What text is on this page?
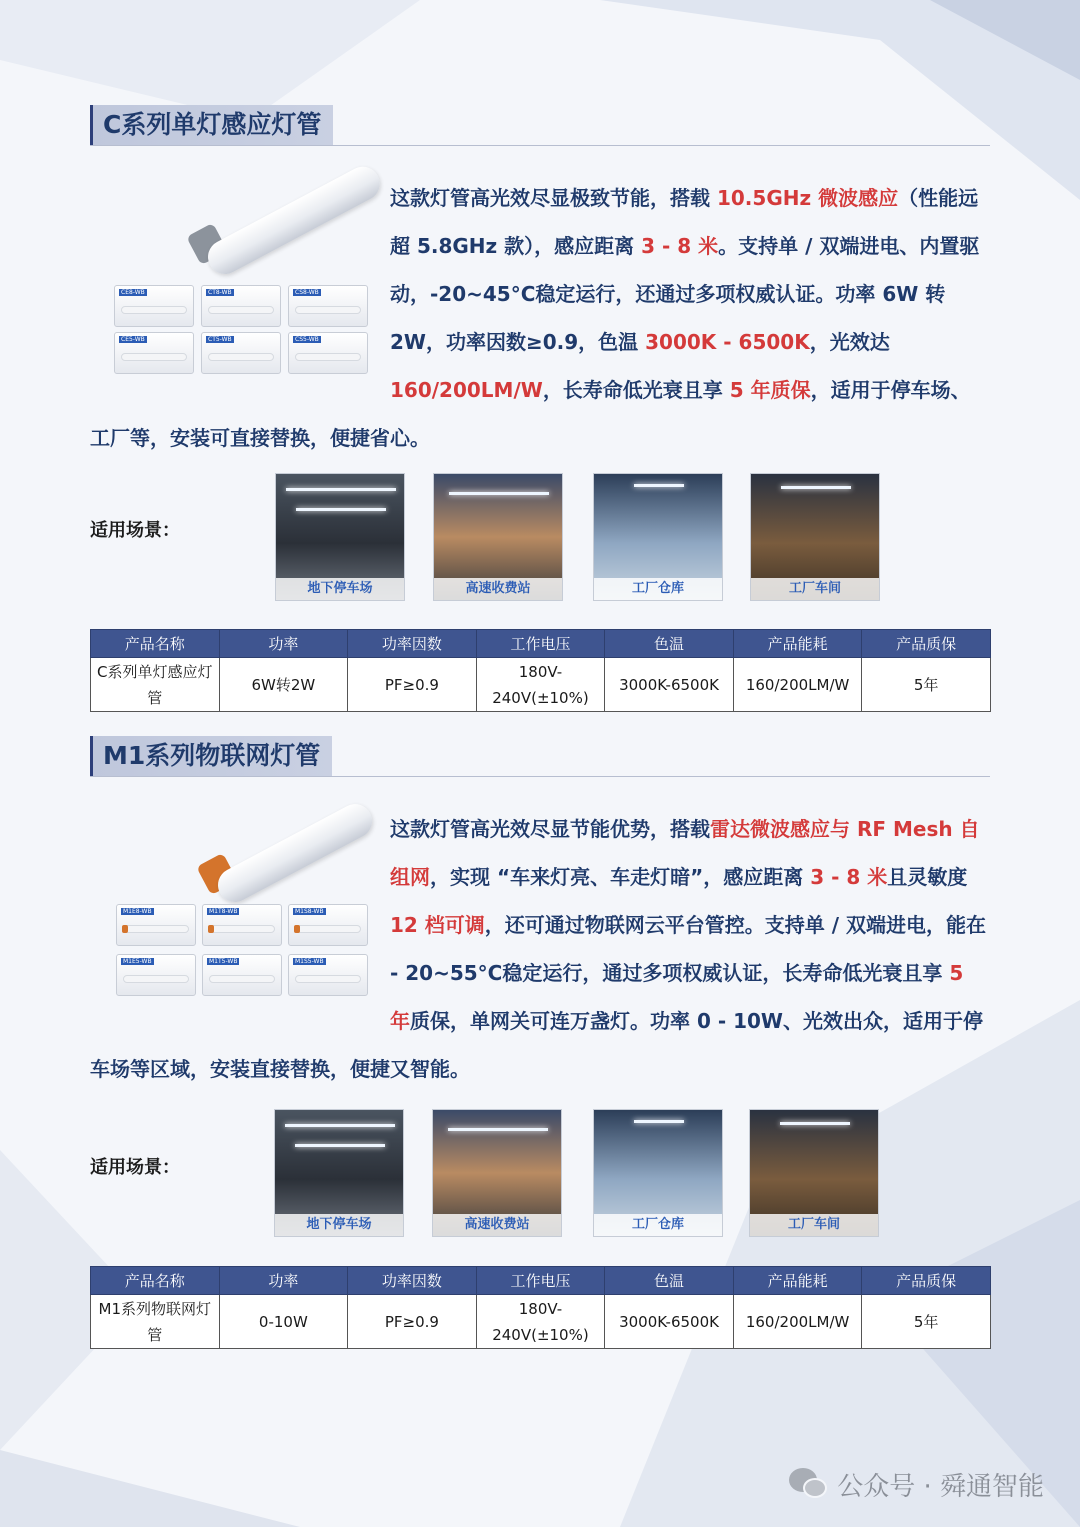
C系列单灯感应灯管
CE8-WB	CT8-WB	CS8-WB
CE5-WB	CT5-WB	CS5-WB
这款灯管高光效尽显极致节能，搭载 10.5GHz 微波感应（性能远超 5.8GHz 款），感应距离 3 - 8 米。支持单 / 双端进电、内置驱动，-20~45°C稳定运行，还通过多项权威认证。功率 6W 转 2W，功率因数≥0.9，色温 3000K - 6500K，光效达 160/200LM/W，长寿命低光衰且享 5 年质保，适用于停车场、工厂等，安装可直接替换，便捷省心。
适用场景：
地下停车场	高速收费站	工厂仓库	工厂车间
产品名称	功率	功率因数	工作电压	色温	产品能耗	产品质保
C系列单灯感应灯管	6W转2W	PF≥0.9	180V-240V(±10%)	3000K-6500K	160/200LM/W	5年
M1系列物联网灯管
M1E8-WB	M1T8-WB	M1S8-WB
M1E5-WB	M1T5-WB	M1S5-WB
这款灯管高光效尽显节能优势，搭载雷达微波感应与 RF Mesh 自组网，实现 “车来灯亮、车走灯暗”，感应距离 3 - 8 米且灵敏度 12 档可调，还可通过物联网云平台管控。支持单 / 双端进电，能在 - 20~55°C稳定运行，通过多项权威认证，长寿命低光衰且享 5 年质保，单网关可连万盏灯。功率 0 - 10W、光效出众，适用于停车场等区域，安装直接替换，便捷又智能。
适用场景：
地下停车场	高速收费站	工厂仓库	工厂车间
产品名称	功率	功率因数	工作电压	色温	产品能耗	产品质保
M1系列物联网灯管	0-10W	PF≥0.9	180V-240V(±10%)	3000K-6500K	160/200LM/W	5年
公众号 · 舜通智能
